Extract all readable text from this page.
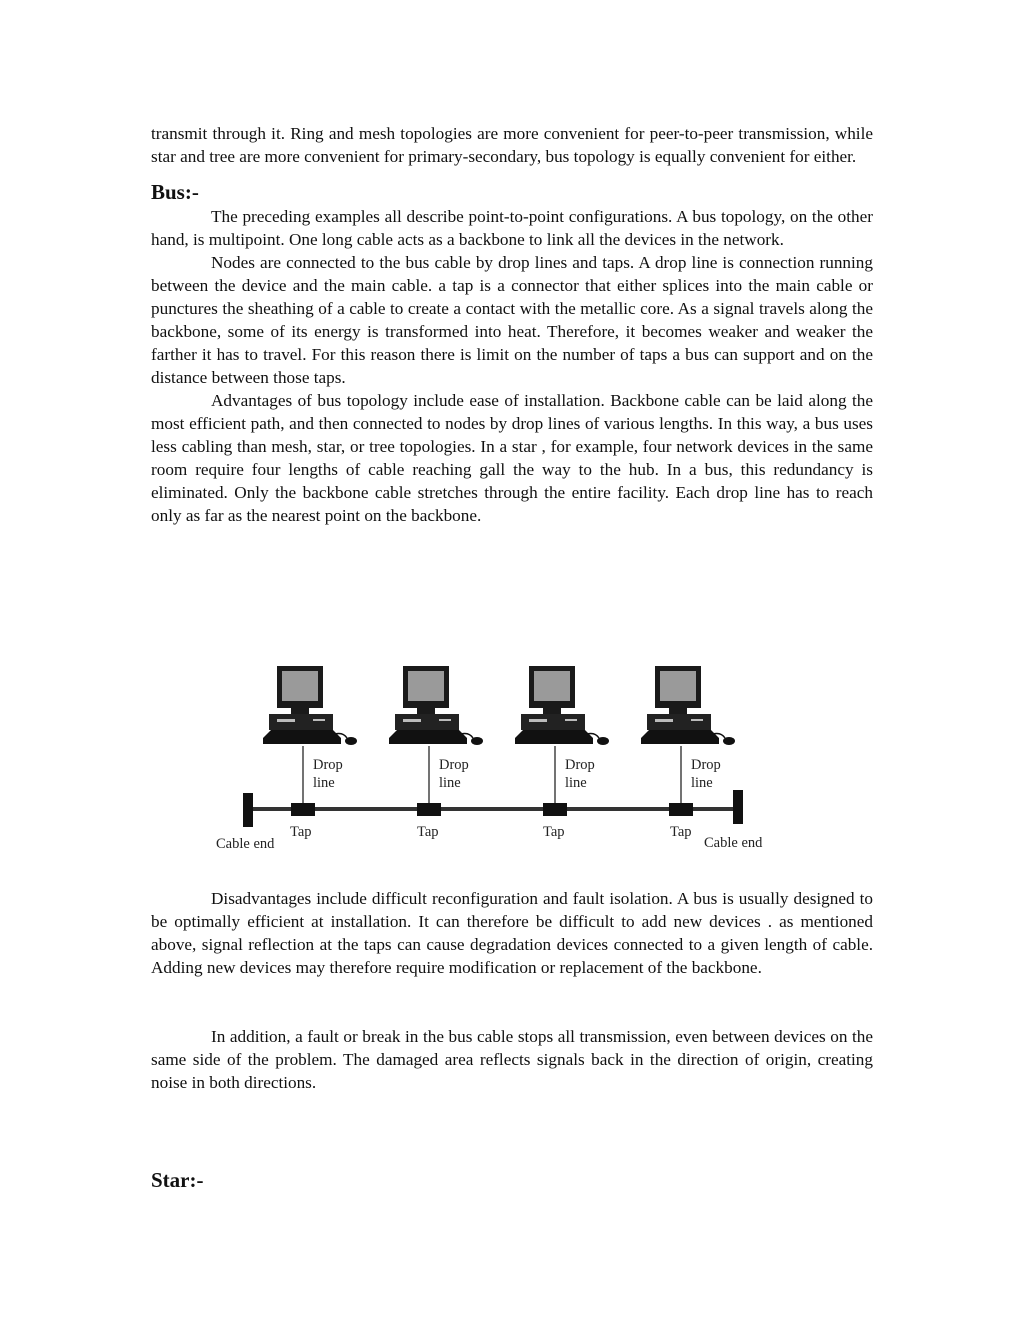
transmit through it. Ring and mesh topologies are more convenient for peer-to-peer transmission, while star and tree are more convenient for primary-secondary, bus topology is equally convenient for either.

Bus:-

The preceding examples all describe point-to-point configurations. A bus topology, on the other hand, is multipoint. One long cable acts as a backbone to link all the devices in the network.

Nodes are connected to the bus cable by drop lines and taps. A drop line is connection running between the device and the main cable. a tap is a connector that either splices into the main cable or punctures the sheathing of a cable to create a contact with the metallic core. As a signal travels along the backbone, some of its energy is transformed into heat. Therefore, it becomes weaker and weaker the farther it has to travel. For this reason there is limit on the number of taps a bus can support and on the distance between those taps.

Advantages of bus topology include ease of installation. Backbone cable can be laid along the most efficient path, and then connected to nodes by drop lines of various lengths. In this way, a bus uses less cabling than mesh, star, or tree topologies. In a star , for example, four network devices in the same room require four lengths of cable reaching gall the way to the hub. In a bus, this redundancy is eliminated. Only the backbone cable stretches through the entire facility. Each drop line has to reach only as far as the nearest point on the backbone.

Drop
line
Tap
Drop
line
Tap
Drop
line
Tap
Drop
line
Tap
Cable end	Cable end

Disadvantages include difficult reconfiguration and fault isolation. A bus is usually designed to be optimally efficient at installation. It can therefore be difficult to add new devices . as mentioned above, signal reflection at the taps can cause degradation devices connected to a given length of cable. Adding new devices may therefore require modification or replacement of the backbone.

In addition, a fault or break in the bus cable stops all transmission, even between devices on the same side of the problem. The damaged area reflects signals back in the direction of origin, creating noise in both directions.

Star:-
